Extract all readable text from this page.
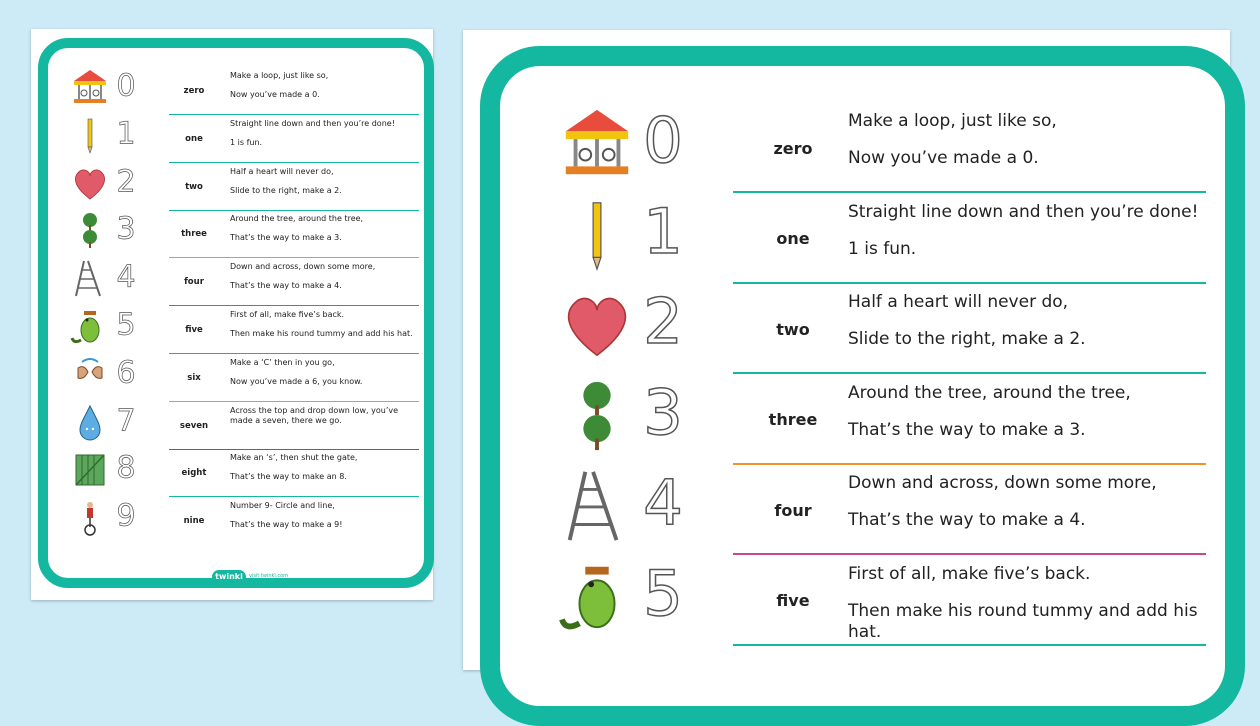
0	zero

Make a loop, just like so,

Now you’ve made a 0.

1	one

Straight line down and then you’re done!

1 is fun.

2	two

Half a heart will never do,

Slide to the right, make a 2.

3	three

Around the tree, around the tree,

That’s the way to make a 3.

4	four

Down and across, down some more,

That’s the way to make a 4.

5	five

First of all, make five’s back.

Then make his round tummy and add his hat.

6	six

Make a ‘C’ then in you go,

Now you’ve made a 6, you know.

7	seven

Across the top and drop down low, you’ve made a seven, there we go.

8	eight

Make an ‘s’, then shut the gate,

That’s the way to make an 8.

9	nine

Number 9- Circle and line,

That’s the way to make a 9!

twinkl	visit twinkl.com
0	zero

Make a loop, just like so,

Now you’ve made a 0.

1	one

Straight line down and then you’re done!

1 is fun.

2	two

Half a heart will never do,

Slide to the right, make a 2.

3	three

Around the tree, around the tree,

That’s the way to make a 3.

4	four

Down and across, down some more,

That’s the way to make a 4.

5	five

First of all, make five’s back.

Then make his round tummy and add his hat.
